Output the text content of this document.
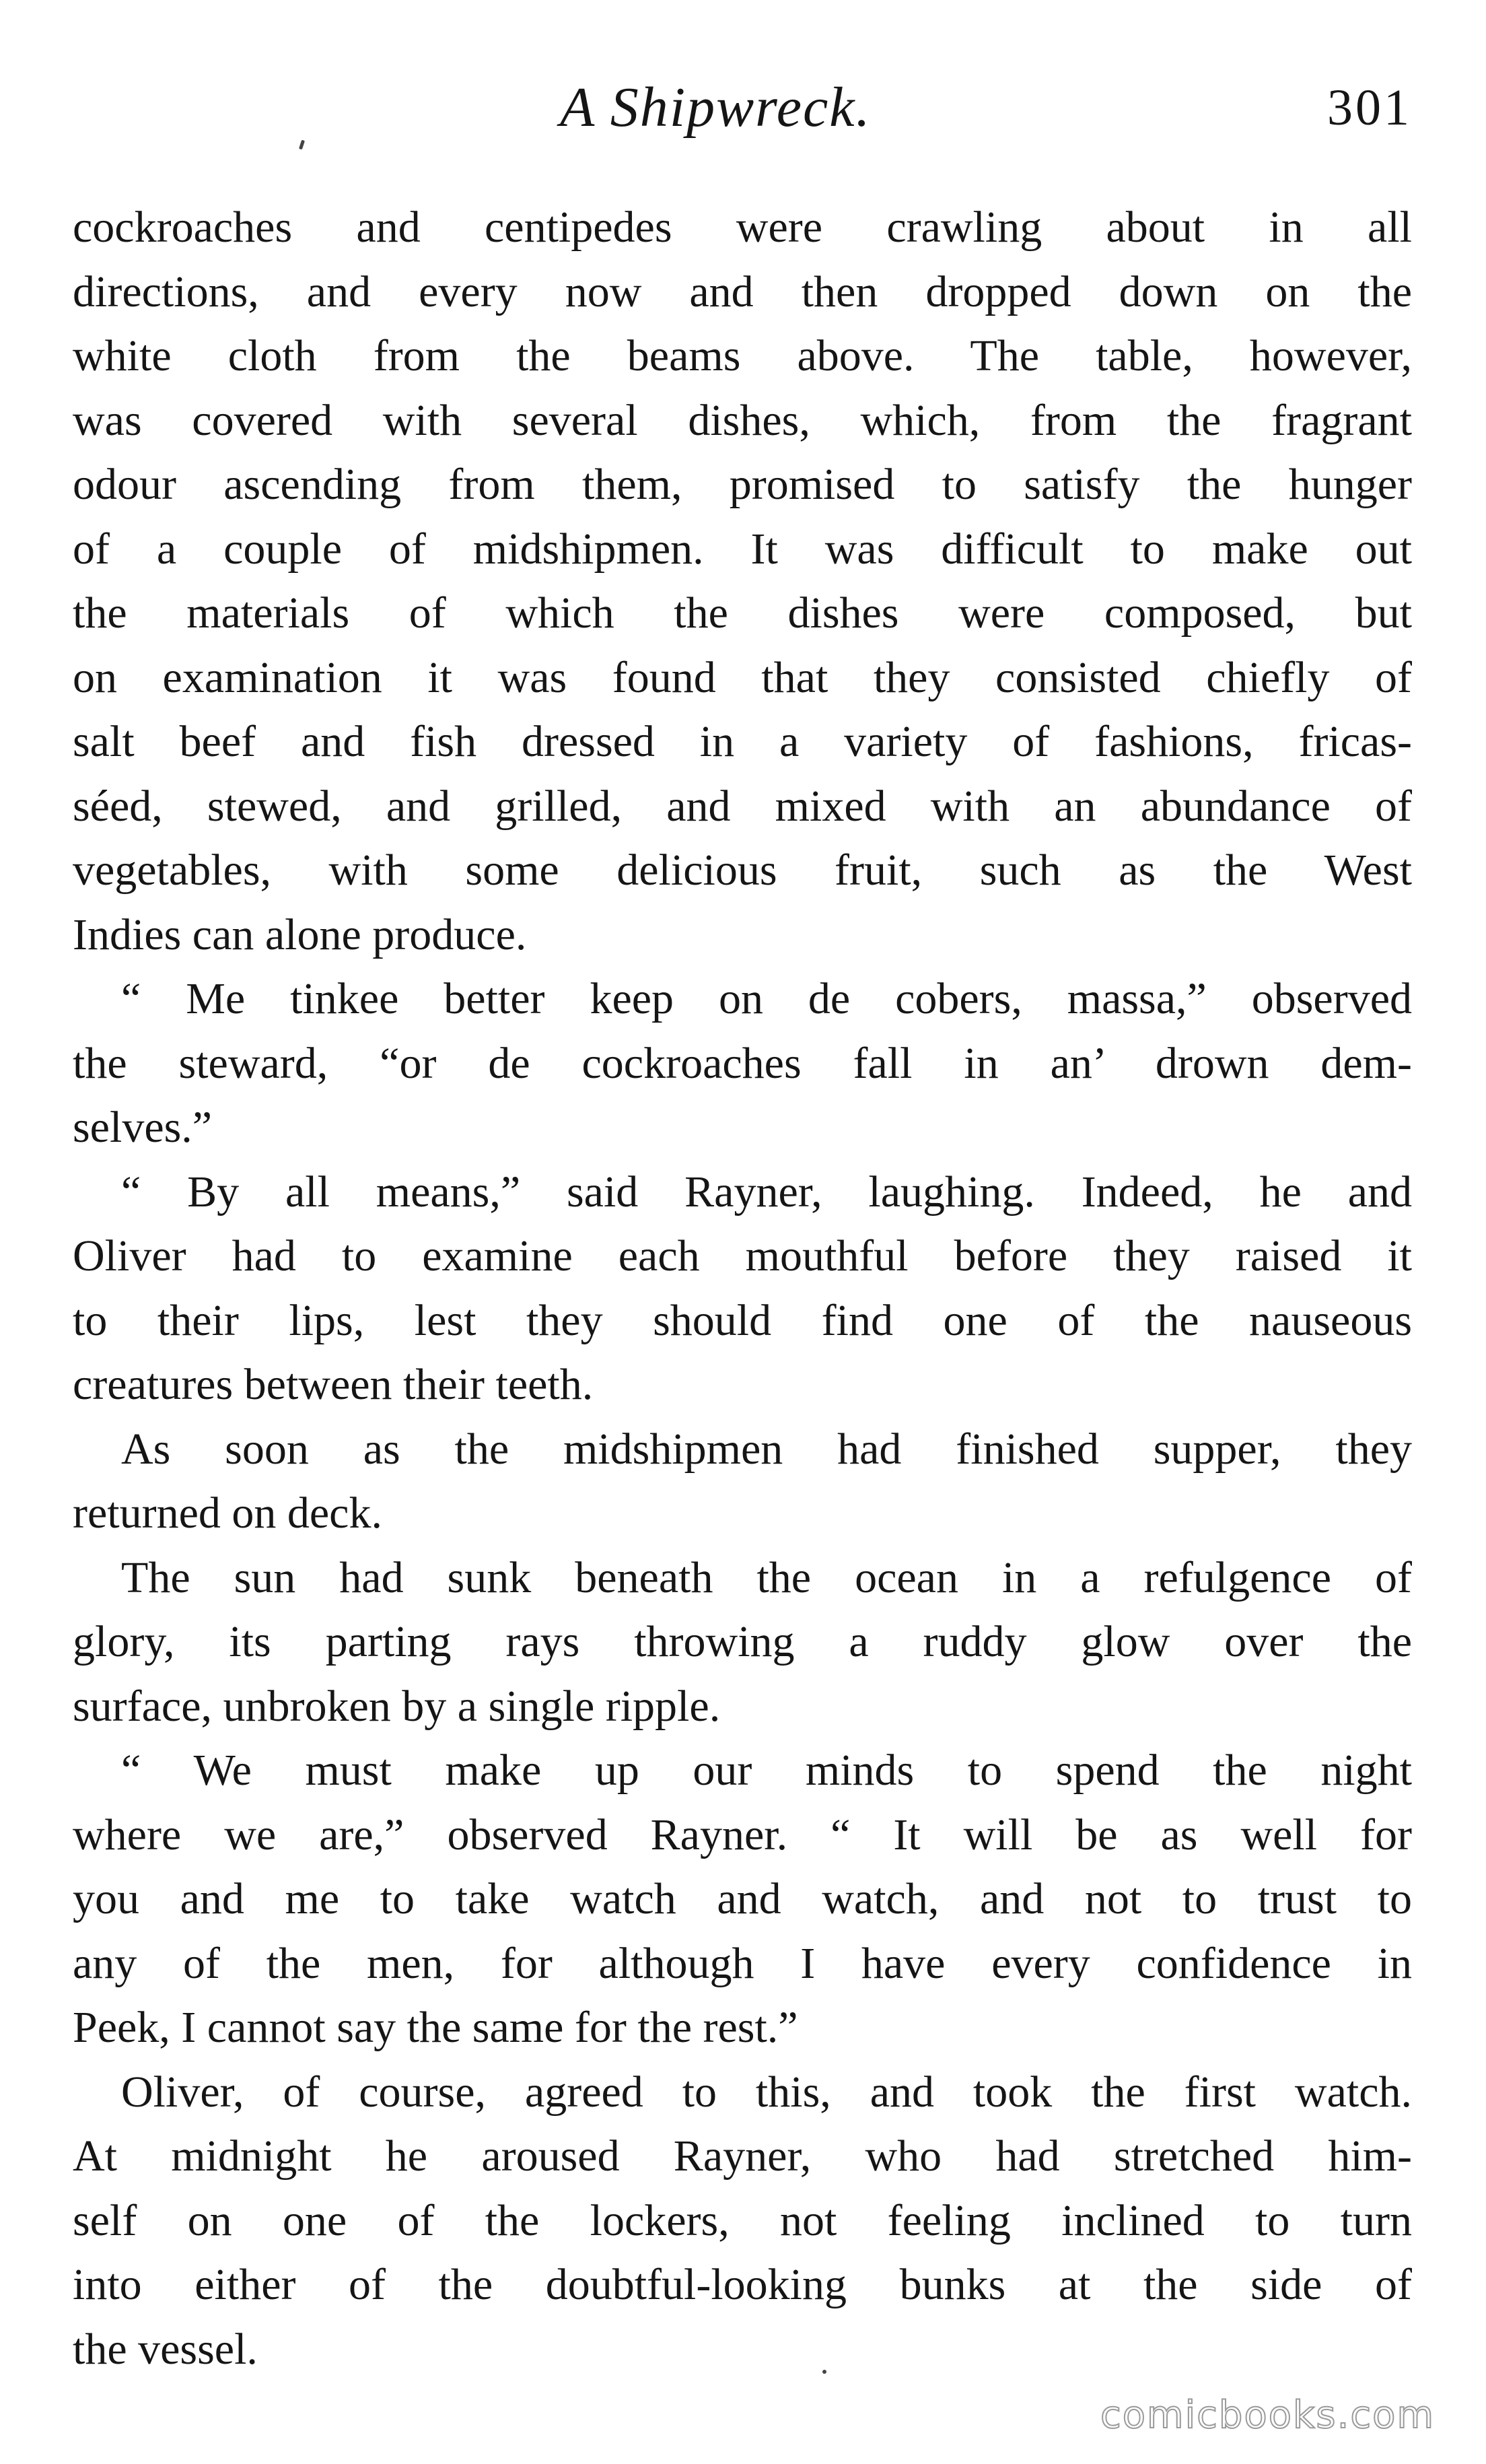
A Shipwreck.	301
cockroaches and centipedes were crawling about in all
directions, and every now and then dropped down on the
white cloth from the beams above. The table, however,
was covered with several dishes, which, from the fragrant
odour ascending from them, promised to satisfy the hunger
of a couple of midshipmen. It was difficult to make out
the materials of which the dishes were composed, but
on examination it was found that they consisted chiefly of
salt beef and fish dressed in a variety of fashions, fricas-
séed, stewed, and grilled, and mixed with an abundance of
vegetables, with some delicious fruit, such as the West
Indies can alone produce.
“ Me tinkee better keep on de cobers, massa,” observed
the steward, “or de cockroaches fall in an’ drown dem-
selves.”
“ By all means,” said Rayner, laughing. Indeed, he and
Oliver had to examine each mouthful before they raised it
to their lips, lest they should find one of the nauseous
creatures between their teeth.
As soon as the midshipmen had finished supper, they
returned on deck.
The sun had sunk beneath the ocean in a refulgence of
glory, its parting rays throwing a ruddy glow over the
surface, unbroken by a single ripple.
“ We must make up our minds to spend the night
where we are,” observed Rayner. “ It will be as well for
you and me to take watch and watch, and not to trust to
any of the men, for although I have every confidence in
Peek, I cannot say the same for the rest.”
Oliver, of course, agreed to this, and took the first watch.
At midnight he aroused Rayner, who had stretched him-
self on one of the lockers, not feeling inclined to turn
into either of the doubtful-looking bunks at the side of
the vessel.
comicbooks.com
